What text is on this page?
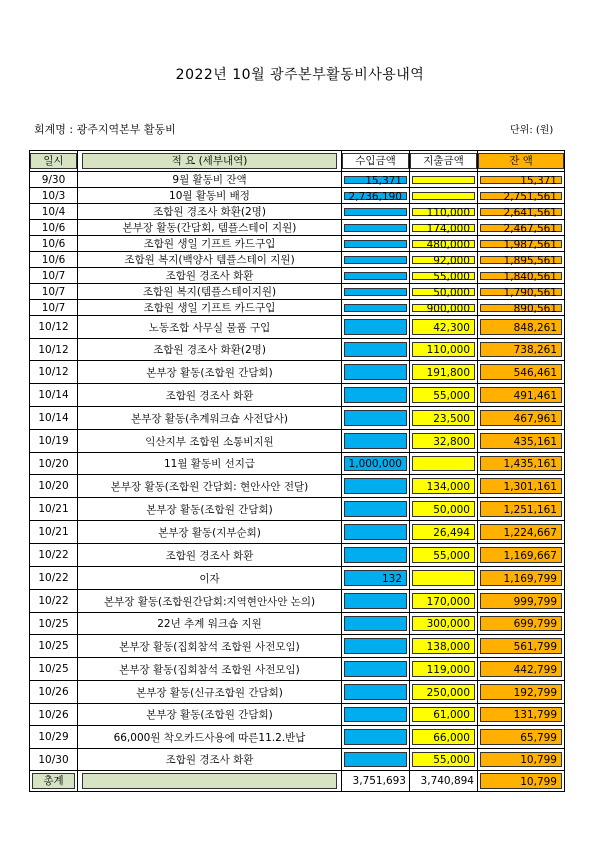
2022년 10월 광주본부활동비사용내역
회계명 : 광주지역본부 활동비	단위: (원)
일시	적 요 (세부내역)	수입금액	지출금액	잔 액

9/30	9월 활동비 잔액	15,371		15,371

10/3	10월 활동비 배정	2,736,190		2,751,561

10/4	조합원 경조사 화환(2명)		110,000	2,641,561

10/6	본부장 활동(간담회, 템플스테이 지원)		174,000	2,467,561

10/6	조합원 생일 기프트 카드구입		480,000	1,987,561

10/6	조합원 복지(백양사 템플스테이 지원)		92,000	1,895,561

10/7	조합원 경조사 화환		55,000	1,840,561

10/7	조합원 복지(템플스테이지원)		50,000	1,790,561

10/7	조합원 생일 기프트 카드구입		900,000	890,561

10/12	노동조합 사무실 물품 구입		42,300	848,261

10/12	조합원 경조사 화환(2명)		110,000	738,261

10/12	본부장 활동(조합원 간담회)		191,800	546,461

10/14	조합원 경조사 화환		55,000	491,461

10/14	본부장 활동(추계워크숍 사전답사)		23,500	467,961

10/19	익산지부 조합원 소통비지원		32,800	435,161

10/20	11월 활동비 선지급	1,000,000		1,435,161

10/20	본부장 활동(조합원 간담회: 현안사안 전달)		134,000	1,301,161

10/21	본부장 활동(조합원 간담회)		50,000	1,251,161

10/21	본부장 활동(지부순회)		26,494	1,224,667

10/22	조합원 경조사 화환		55,000	1,169,667

10/22	이자	132		1,169,799

10/22	본부장 활동(조합원간담회:지역현안사안 논의)		170,000	999,799

10/25	22년 추계 워크숍 지원		300,000	699,799

10/25	본부장 활동(집회참석 조합원 사전모임)		138,000	561,799

10/25	본부장 활동(집회참석 조합원 사전모임)		119,000	442,799

10/26	본부장 활동(신규조합원 간담회)		250,000	192,799

10/26	본부장 활동(조합원 간담회)		61,000	131,799

10/29	66,000원 착오카드사용에 따른11.2.반납		66,000	65,799

10/30	조합원 경조사 화환		55,000	10,799

총계		3,751,693	3,740,894	10,799
